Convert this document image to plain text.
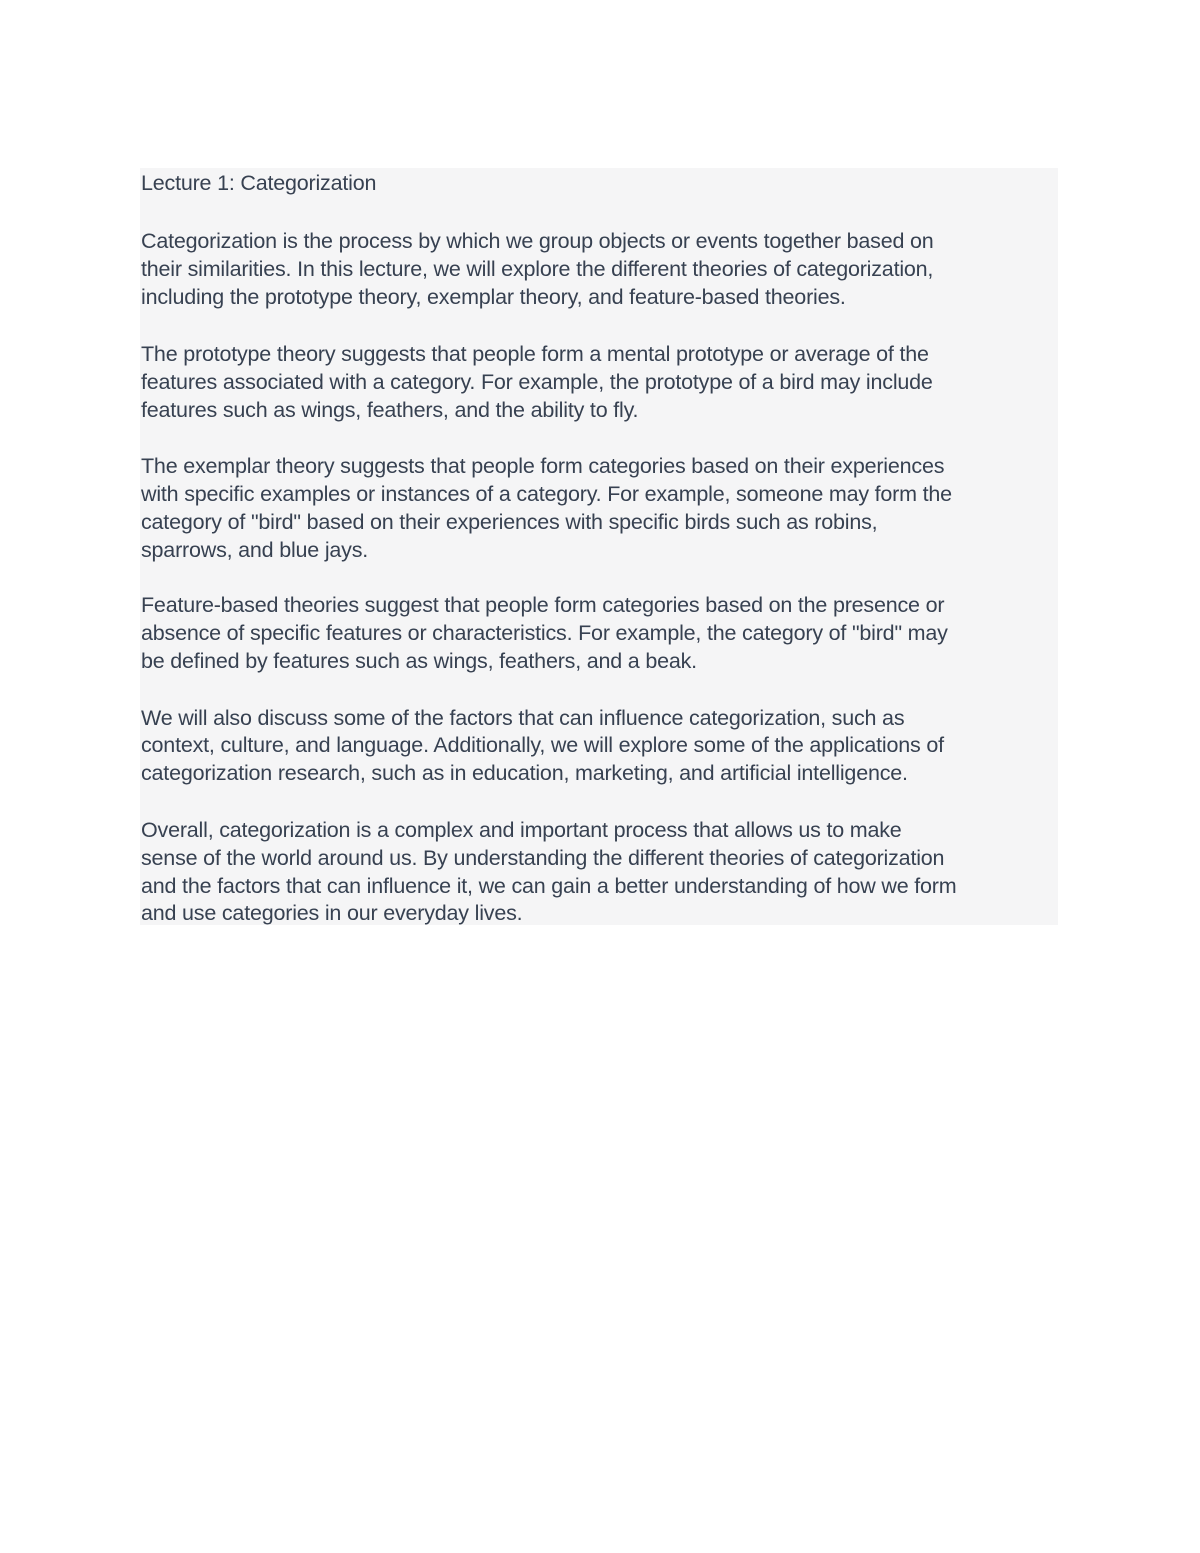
Lecture 1: Categorization
Categorization is the process by which we group objects or events together based on
their similarities. In this lecture, we will explore the different theories of categorization,
including the prototype theory, exemplar theory, and feature-based theories.
The prototype theory suggests that people form a mental prototype or average of the
features associated with a category. For example, the prototype of a bird may include
features such as wings, feathers, and the ability to fly.
The exemplar theory suggests that people form categories based on their experiences
with specific examples or instances of a category. For example, someone may form the
category of "bird" based on their experiences with specific birds such as robins,
sparrows, and blue jays.
Feature-based theories suggest that people form categories based on the presence or
absence of specific features or characteristics. For example, the category of "bird" may
be defined by features such as wings, feathers, and a beak.
We will also discuss some of the factors that can influence categorization, such as
context, culture, and language. Additionally, we will explore some of the applications of
categorization research, such as in education, marketing, and artificial intelligence.
Overall, categorization is a complex and important process that allows us to make
sense of the world around us. By understanding the different theories of categorization
and the factors that can influence it, we can gain a better understanding of how we form
and use categories in our everyday lives.
